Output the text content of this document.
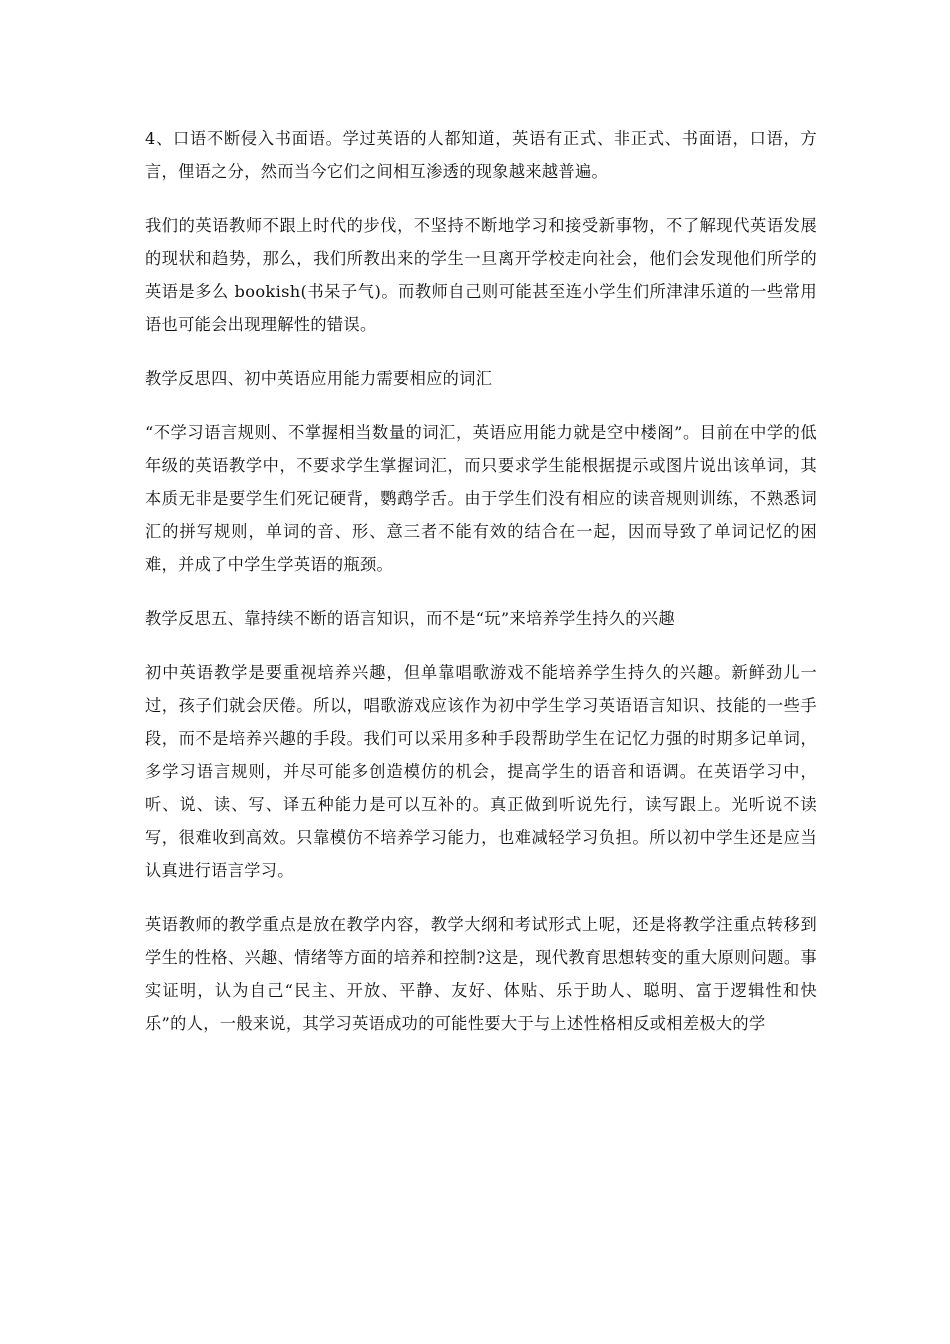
4、口语不断侵入书面语。学过英语的人都知道，英语有正式、非正式、书面语，口语，方言，俚语之分，然而当今它们之间相互渗透的现象越来越普遍。

我们的英语教师不跟上时代的步伐，不坚持不断地学习和接受新事物，不了解现代英语发展的现状和趋势，那么，我们所教出来的学生一旦离开学校走向社会，他们会发现他们所学的英语是多么 bookish(书呆子气)。而教师自己则可能甚至连小学生们所津津乐道的一些常用语也可能会出现理解性的错误。

教学反思四、初中英语应用能力需要相应的词汇

“不学习语言规则、不掌握相当数量的词汇，英语应用能力就是空中楼阁”。目前在中学的低年级的英语教学中，不要求学生掌握词汇，而只要求学生能根据提示或图片说出该单词，其本质无非是要学生们死记硬背，鹦鹉学舌。由于学生们没有相应的读音规则训练，不熟悉词汇的拼写规则，单词的音、形、意三者不能有效的结合在一起，因而导致了单词记忆的困难，并成了中学生学英语的瓶颈。

教学反思五、靠持续不断的语言知识，而不是“玩”来培养学生持久的兴趣

初中英语教学是要重视培养兴趣，但单靠唱歌游戏不能培养学生持久的兴趣。新鲜劲儿一过，孩子们就会厌倦。所以，唱歌游戏应该作为初中学生学习英语语言知识、技能的一些手段，而不是培养兴趣的手段。我们可以采用多种手段帮助学生在记忆力强的时期多记单词，多学习语言规则，并尽可能多创造模仿的机会，提高学生的语音和语调。在英语学习中，听、说、读、写、译五种能力是可以互补的。真正做到听说先行，读写跟上。光听说不读写，很难收到高效。只靠模仿不培养学习能力，也难减轻学习负担。所以初中学生还是应当认真进行语言学习。

英语教师的教学重点是放在教学内容，教学大纲和考试形式上呢，还是将教学注重点转移到学生的性格、兴趣、情绪等方面的培养和控制?这是，现代教育思想转变的重大原则问题。事实证明，认为自己“民主、开放、平静、友好、体贴、乐于助人、聪明、富于逻辑性和快乐”的人，一般来说，其学习英语成功的可能性要大于与上述性格相反或相差极大的学
